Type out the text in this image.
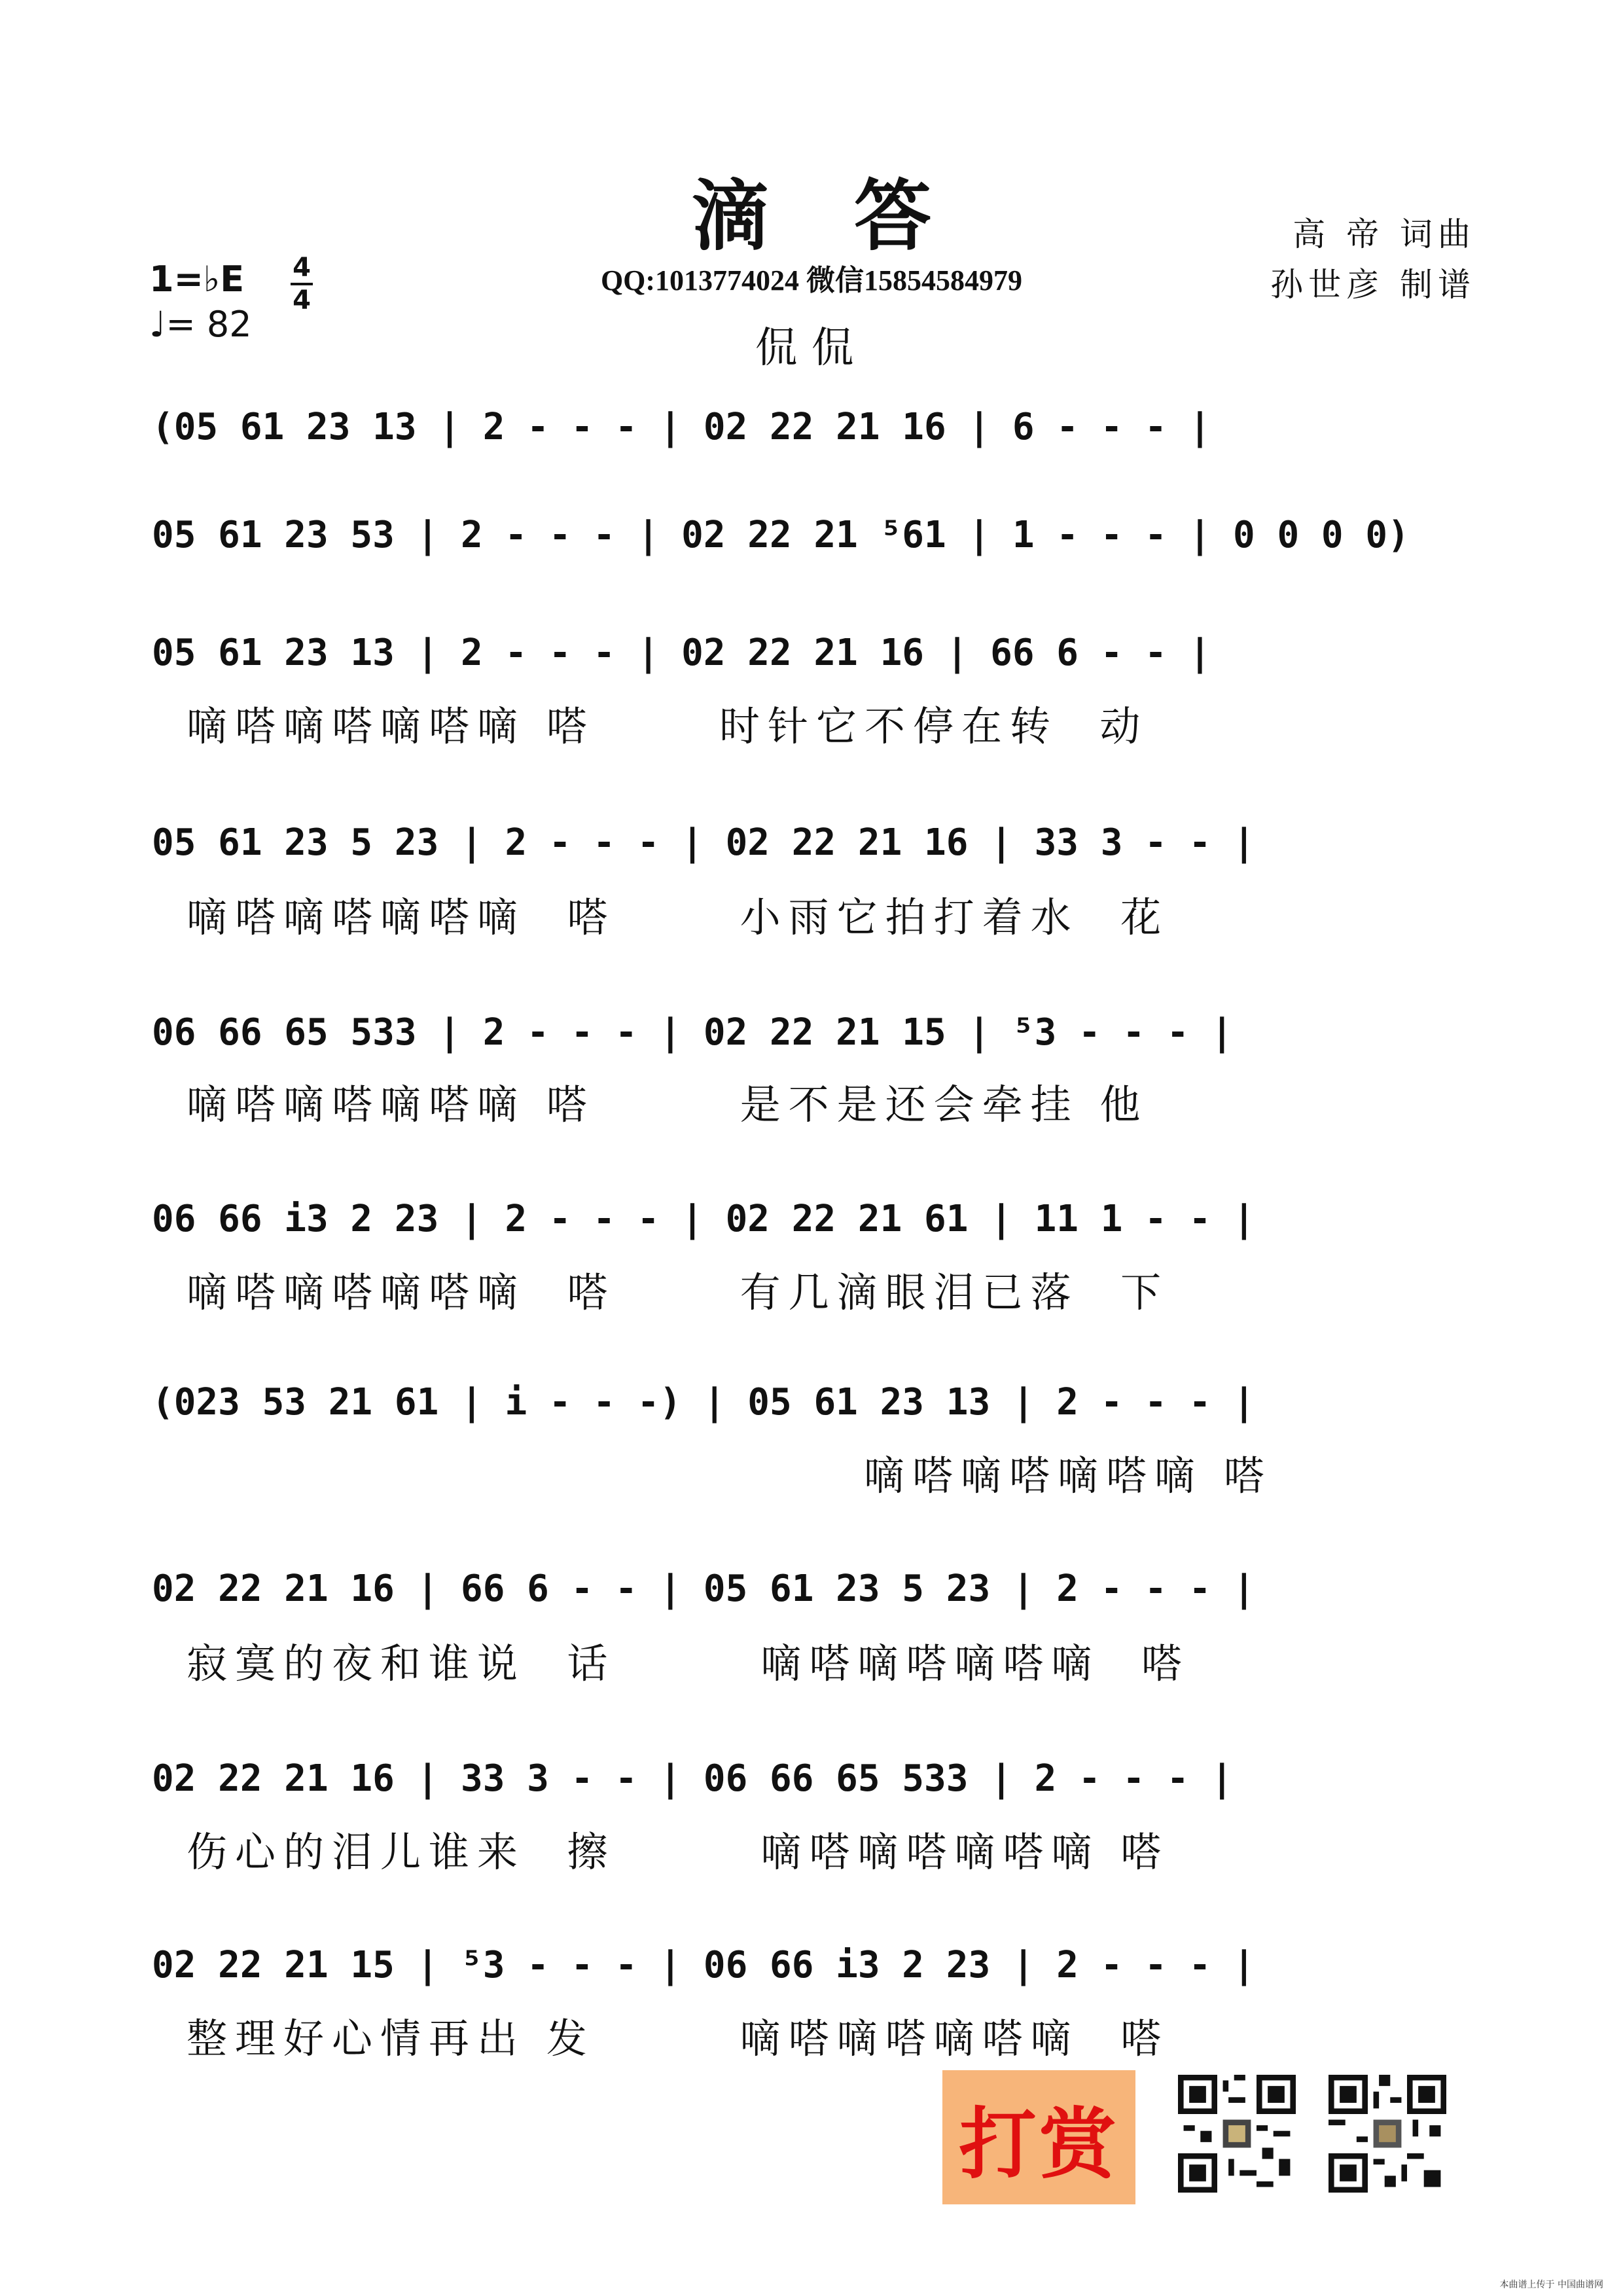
滴答
QQ:1013774024 微信15854584979
侃侃
高 帝 词曲
孙世彦 制谱
1=♭E 4
4
♩= 82
(05 61 23 13 | 2 - - - | 02 22 21 16 | 6 - - - |
05 61 23 53 | 2 - - - | 02 22 21 ⁵61 | 1 - - - | 0 0 0 0)
05 61 23 13 | 2 - - - | 02 22 21 16 | 66 6 - - |
嘀嗒嘀嗒嘀嗒嘀 嗒      时针它不停在转  动
05 61 23 5 23 | 2 - - - | 02 22 21 16 | 33 3 - - |
嘀嗒嘀嗒嘀嗒嘀  嗒      小雨它拍打着水  花
06 66 65 533 | 2 - - - | 02 22 21 15 | ⁵3 - - - |
嘀嗒嘀嗒嘀嗒嘀 嗒       是不是还会牵挂 他
06 66 i3 2 23 | 2 - - - | 02 22 21 61 | 11 1 - - |
嘀嗒嘀嗒嘀嗒嘀  嗒      有几滴眼泪已落  下
(023 53 21 61 | i - - -) | 05 61 23 13 | 2 - - - |
嘀嗒嘀嗒嘀嗒嘀 嗒
02 22 21 16 | 66 6 - - | 05 61 23 5 23 | 2 - - - |
寂寞的夜和谁说  话       嘀嗒嘀嗒嘀嗒嘀  嗒
02 22 21 16 | 33 3 - - | 06 66 65 533 | 2 - - - |
伤心的泪儿谁来  擦       嘀嗒嘀嗒嘀嗒嘀 嗒
02 22 21 15 | ⁵3 - - - | 06 66 i3 2 23 | 2 - - - |
整理好心情再出 发       嘀嗒嘀嗒嘀嗒嘀  嗒
打赏
本曲谱上传于 中国曲谱网
